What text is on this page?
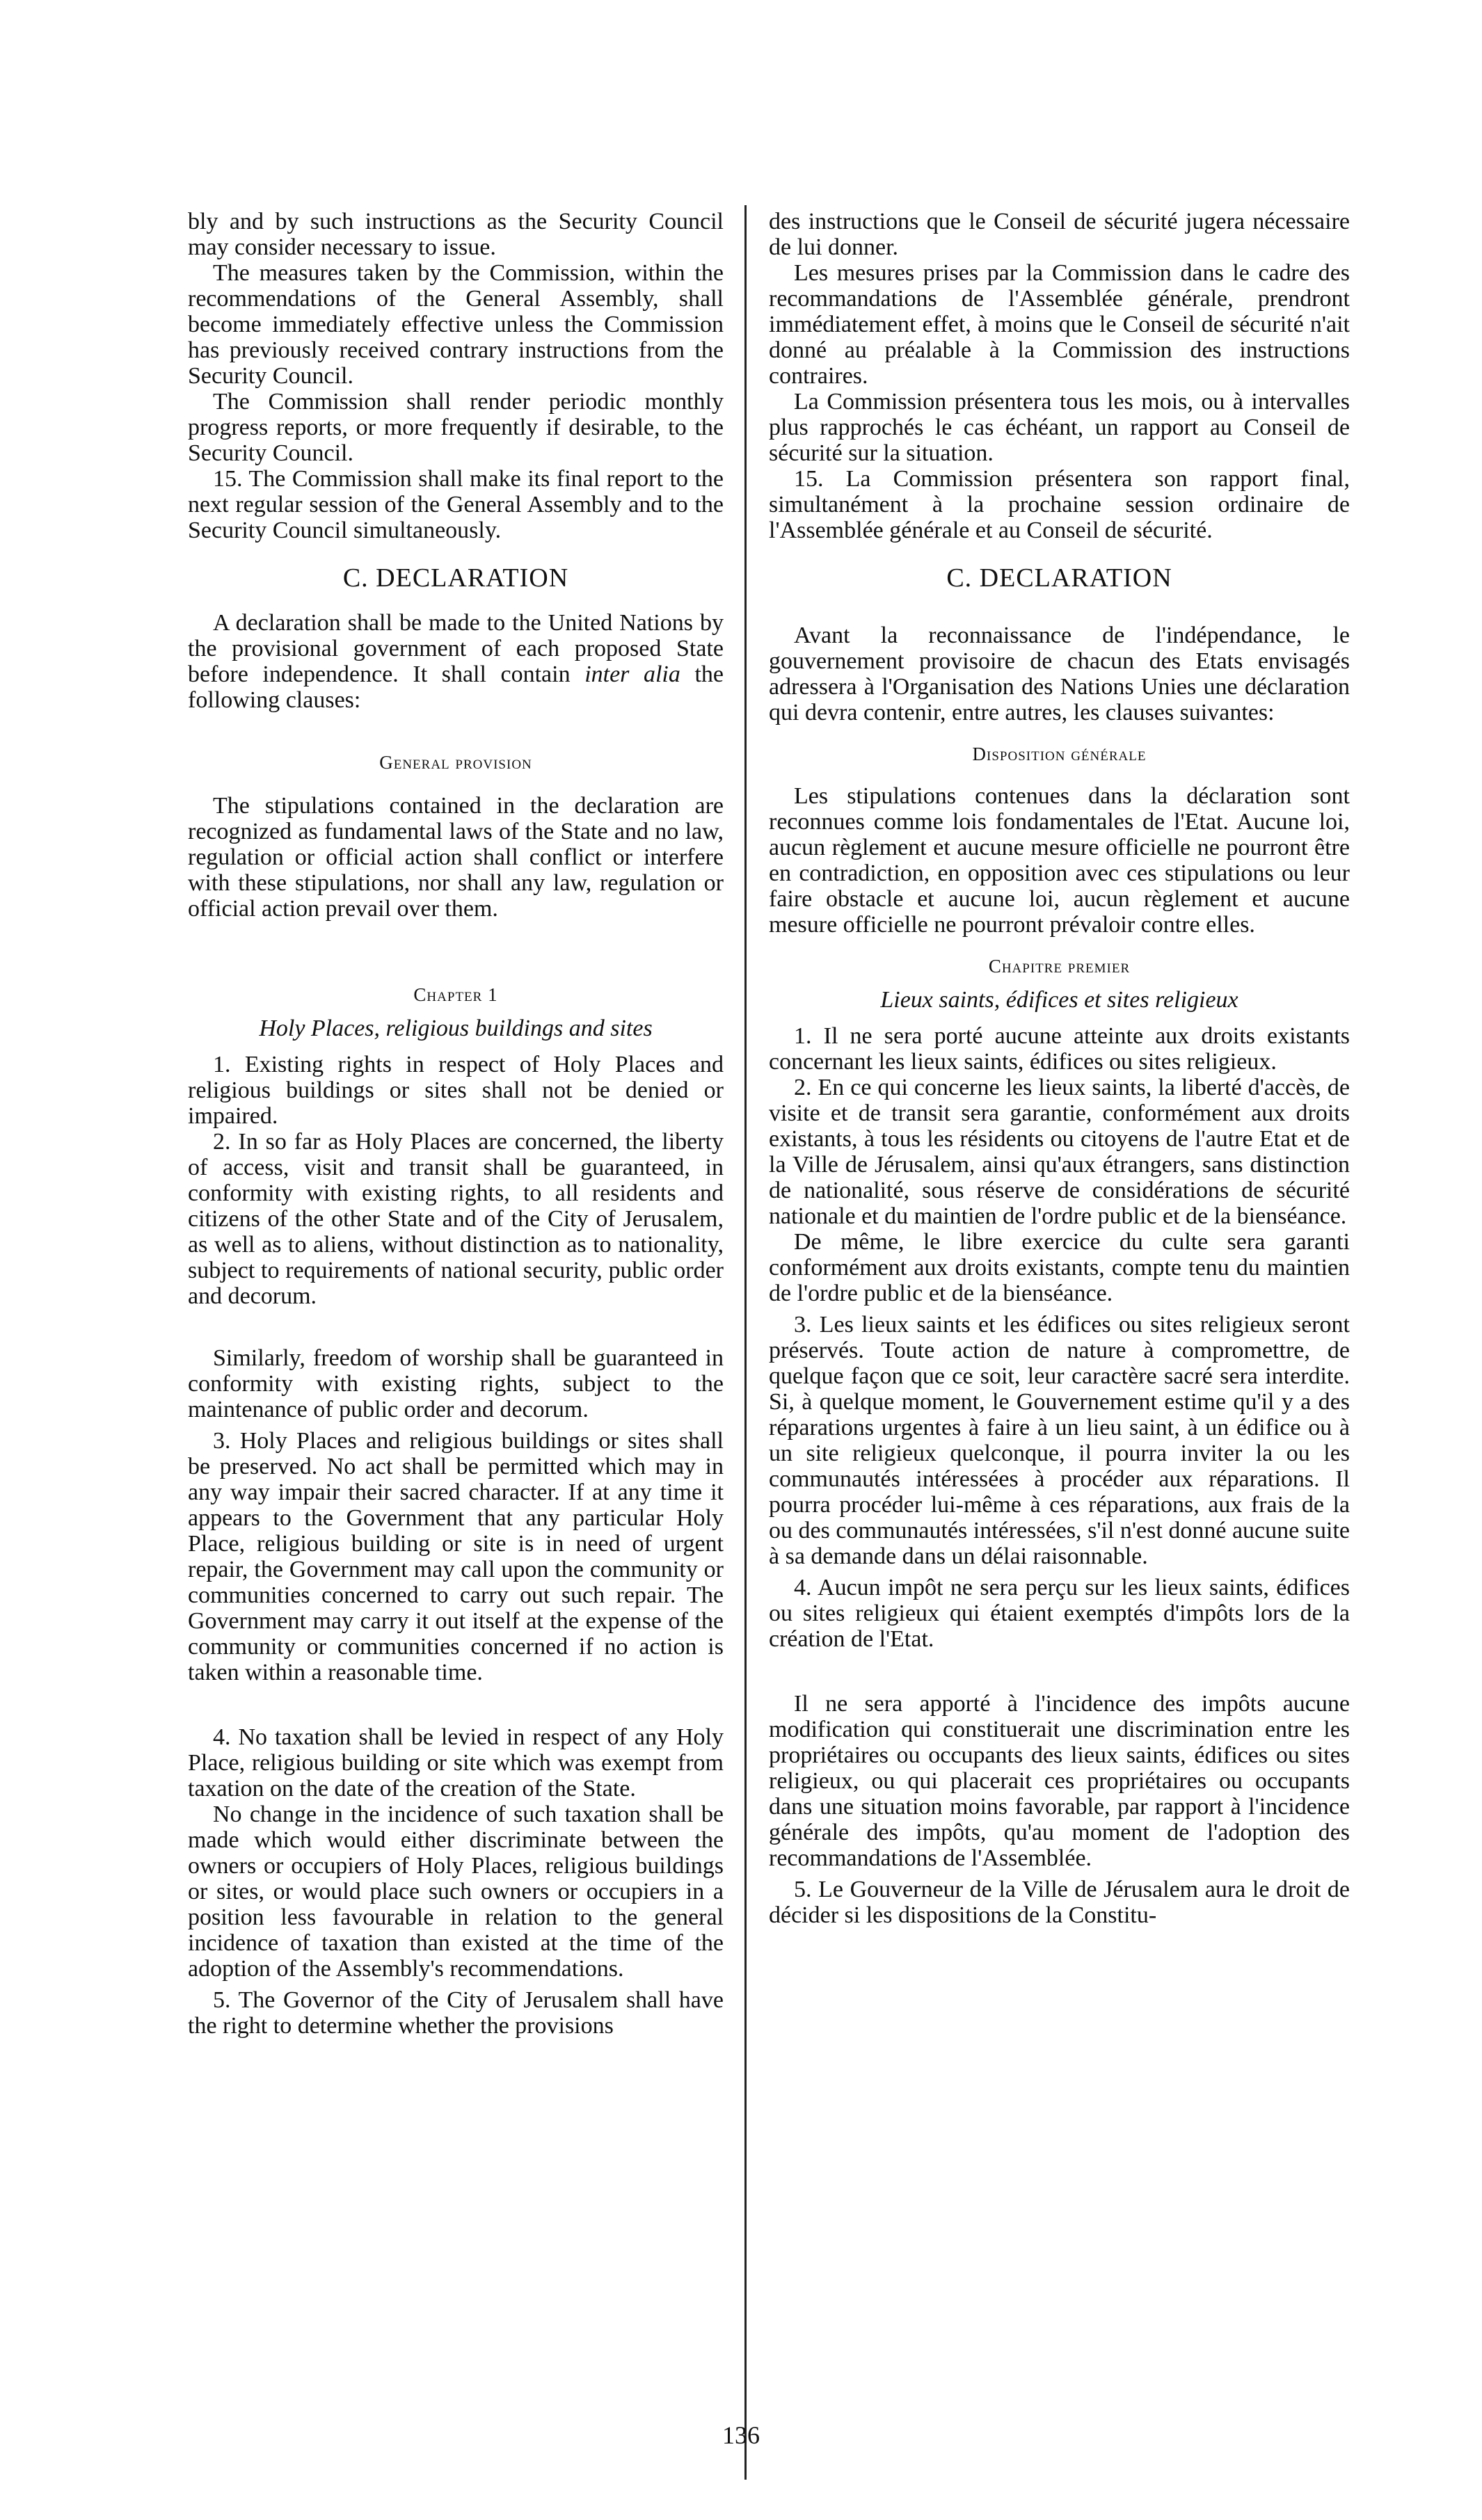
bly and by such instructions as the Security Council may consider necessary to issue.

The measures taken by the Commission, within the recommendations of the General Assembly, shall become immediately effective unless the Commission has previously received contrary instructions from the Security Council.

The Commission shall render periodic monthly progress reports, or more frequently if desirable, to the Security Council.

15. The Commission shall make its final report to the next regular session of the General Assembly and to the Security Council simultaneously.

C. DECLARATION

A declaration shall be made to the United Nations by the provisional government of each proposed State before independence. It shall contain inter alia the following clauses:

General provision

The stipulations contained in the declaration are recognized as fundamental laws of the State and no law, regulation or official action shall conflict or interfere with these stipulations, nor shall any law, regulation or official action prevail over them.

Chapter 1
Holy Places, religious buildings and sites

1. Existing rights in respect of Holy Places and religious buildings or sites shall not be denied or impaired.

2. In so far as Holy Places are concerned, the liberty of access, visit and transit shall be guaranteed, in conformity with existing rights, to all residents and citizens of the other State and of the City of Jerusalem, as well as to aliens, without distinction as to nationality, subject to requirements of national security, public order and decorum.

Similarly, freedom of worship shall be guaranteed in conformity with existing rights, subject to the maintenance of public order and decorum.

3. Holy Places and religious buildings or sites shall be preserved. No act shall be permitted which may in any way impair their sacred character. If at any time it appears to the Government that any particular Holy Place, religious building or site is in need of urgent repair, the Government may call upon the community or communities concerned to carry out such repair. The Government may carry it out itself at the expense of the community or communities concerned if no action is taken within a reasonable time.

4. No taxation shall be levied in respect of any Holy Place, religious building or site which was exempt from taxation on the date of the creation of the State.

No change in the incidence of such taxation shall be made which would either discriminate between the owners or occupiers of Holy Places, religious buildings or sites, or would place such owners or occupiers in a position less favourable in relation to the general incidence of taxation than existed at the time of the adoption of the Assembly's recommendations.

5. The Governor of the City of Jerusalem shall have the right to determine whether the provisions

des instructions que le Conseil de sécurité jugera nécessaire de lui donner.

Les mesures prises par la Commission dans le cadre des recommandations de l'Assemblée générale, prendront immédiatement effet, à moins que le Conseil de sécurité n'ait donné au préalable à la Commission des instructions contraires.

La Commission présentera tous les mois, ou à intervalles plus rapprochés le cas échéant, un rapport au Conseil de sécurité sur la situation.

15. La Commission présentera son rapport final, simultanément à la prochaine session ordinaire de l'Assemblée générale et au Conseil de sécurité.

C. DECLARATION

Avant la reconnaissance de l'indépendance, le gouvernement provisoire de chacun des Etats envisagés adressera à l'Organisation des Nations Unies une déclaration qui devra contenir, entre autres, les clauses suivantes:

Disposition générale

Les stipulations contenues dans la déclaration sont reconnues comme lois fondamentales de l'Etat. Aucune loi, aucun règlement et aucune mesure officielle ne pourront être en contradiction, en opposition avec ces stipulations ou leur faire obstacle et aucune loi, aucun règlement et aucune mesure officielle ne pourront prévaloir contre elles.

Chapitre premier
Lieux saints, édifices et sites religieux

1. Il ne sera porté aucune atteinte aux droits existants concernant les lieux saints, édifices ou sites religieux.

2. En ce qui concerne les lieux saints, la liberté d'accès, de visite et de transit sera garantie, conformément aux droits existants, à tous les résidents ou citoyens de l'autre Etat et de la Ville de Jérusalem, ainsi qu'aux étrangers, sans distinction de nationalité, sous réserve de considérations de sécurité nationale et du maintien de l'ordre public et de la bienséance.

De même, le libre exercice du culte sera garanti conformément aux droits existants, compte tenu du maintien de l'ordre public et de la bienséance.

3. Les lieux saints et les édifices ou sites religieux seront préservés. Toute action de nature à compromettre, de quelque façon que ce soit, leur caractère sacré sera interdite. Si, à quelque moment, le Gouvernement estime qu'il y a des réparations urgentes à faire à un lieu saint, à un édifice ou à un site religieux quelconque, il pourra inviter la ou les communautés intéressées à procéder aux réparations. Il pourra procéder lui-même à ces réparations, aux frais de la ou des communautés intéressées, s'il n'est donné aucune suite à sa demande dans un délai raisonnable.

4. Aucun impôt ne sera perçu sur les lieux saints, édifices ou sites religieux qui étaient exemptés d'impôts lors de la création de l'Etat.

Il ne sera apporté à l'incidence des impôts aucune modification qui constituerait une discrimination entre les propriétaires ou occupants des lieux saints, édifices ou sites religieux, ou qui placerait ces propriétaires ou occupants dans une situation moins favorable, par rapport à l'incidence générale des impôts, qu'au moment de l'adoption des recommandations de l'Assemblée.

5. Le Gouverneur de la Ville de Jérusalem aura le droit de décider si les dispositions de la Constitu-

136
